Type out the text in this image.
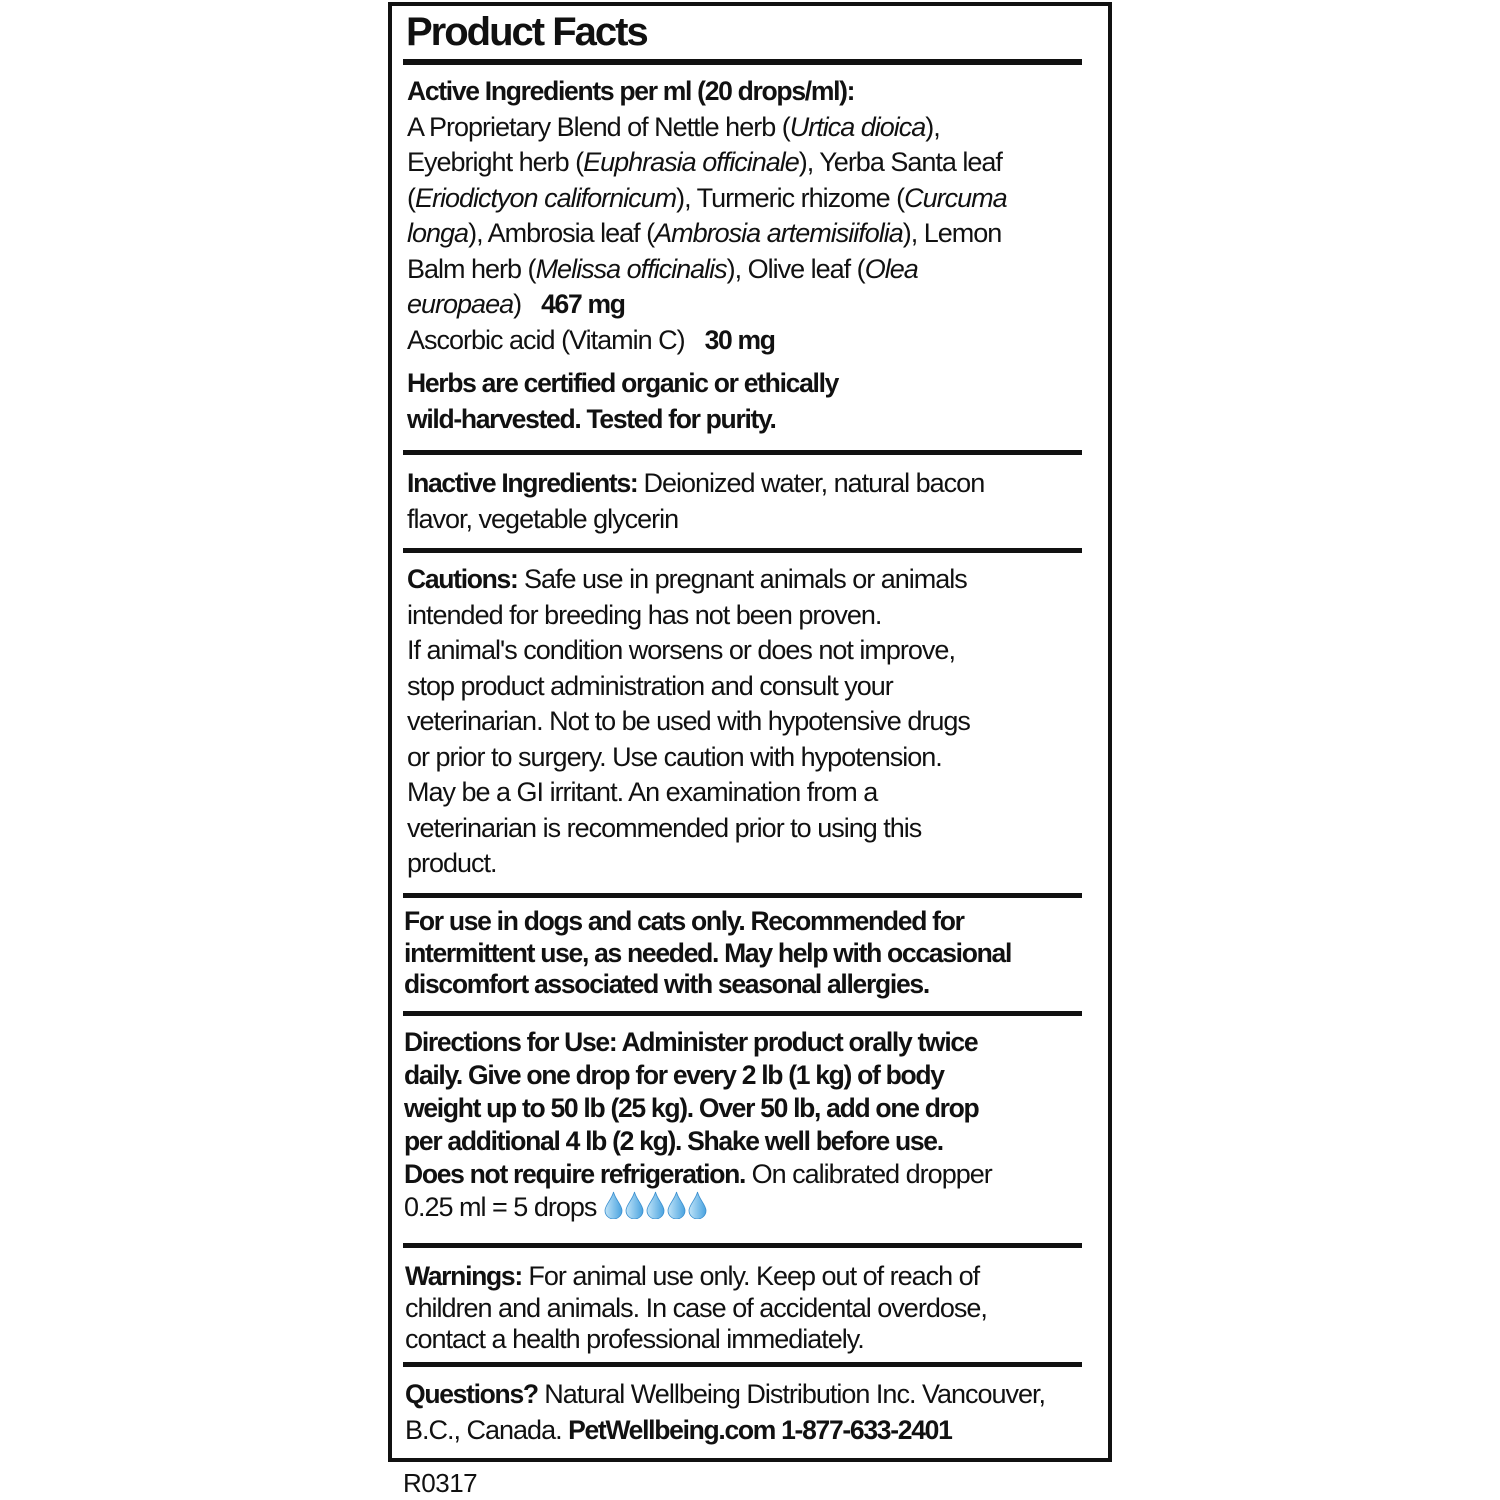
Product Facts
Active Ingredients per ml (20 drops/ml):
A Proprietary Blend of Nettle herb (Urtica dioica),
Eyebright herb (Euphrasia officinale), Yerba Santa leaf
(Eriodictyon californicum), Turmeric rhizome (Curcuma
longa), Ambrosia leaf (Ambrosia artemisiifolia), Lemon
Balm herb (Melissa officinalis), Olive leaf (Olea
europaea) 467 mg
Ascorbic acid (Vitamin C) 30 mg
Herbs are certified organic or ethically
wild-harvested. Tested for purity.
Inactive Ingredients: Deionized water, natural bacon
flavor, vegetable glycerin
Cautions: Safe use in pregnant animals or animals
intended for breeding has not been proven.
If animal's condition worsens or does not improve,
stop product administration and consult your
veterinarian. Not to be used with hypotensive drugs
or prior to surgery. Use caution with hypotension.
May be a GI irritant. An examination from a
veterinarian is recommended prior to using this
product.
For use in dogs and cats only. Recommended for
intermittent use, as needed. May help with occasional
discomfort associated with seasonal allergies.
Directions for Use: Administer product orally twice
daily. Give one drop for every 2 lb (1 kg) of body
weight up to 50 lb (25 kg). Over 50 lb, add one drop
per additional 4 lb (2 kg). Shake well before use.
Does not require refrigeration. On calibrated dropper
0.25 ml = 5 drops
Warnings: For animal use only. Keep out of reach of
children and animals. In case of accidental overdose,
contact a health professional immediately.
Questions? Natural Wellbeing Distribution Inc. Vancouver,
B.C., Canada. PetWellbeing.com 1-877-633-2401
R0317
